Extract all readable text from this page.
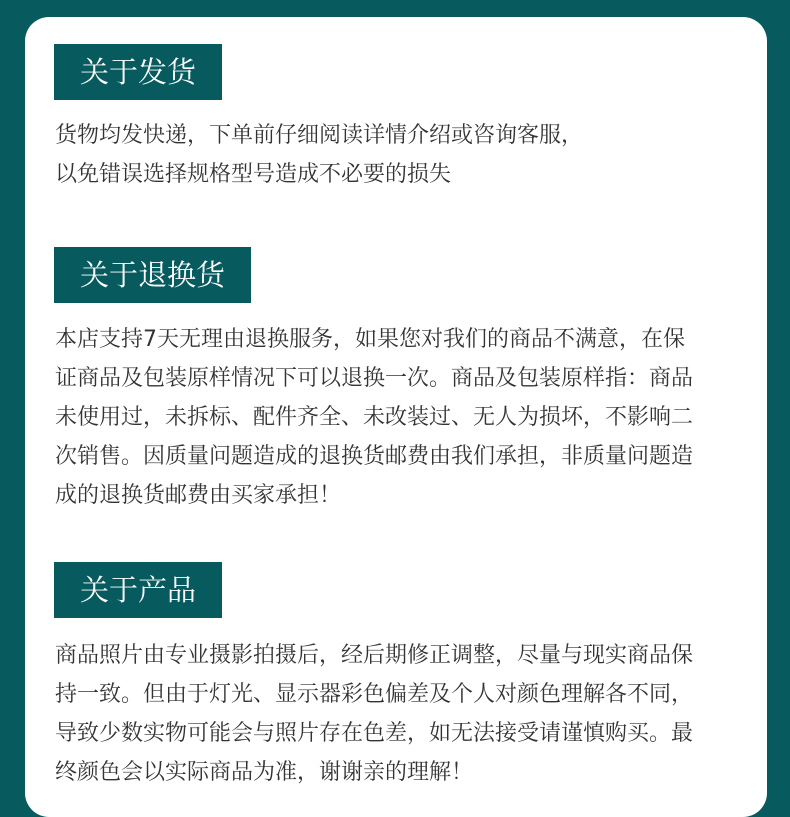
关于发货

货物均发快递，下单前仔细阅读详情介绍或咨询客服，

以免错误选择规格型号造成不必要的损失

关于退换货

本店支持7天无理由退换服务，如果您对我们的商品不满意，在保

证商品及包装原样情况下可以退换一次。商品及包装原样指：商品

未使用过，未拆标、配件齐全、未改装过、无人为损坏，不影响二

次销售。因质量问题造成的退换货邮费由我们承担，非质量问题造

成的退换货邮费由买家承担！

关于产品

商品照片由专业摄影拍摄后，经后期修正调整，尽量与现实商品保

持一致。但由于灯光、显示器彩色偏差及个人对颜色理解各不同，

导致少数实物可能会与照片存在色差，如无法接受请谨慎购买。最

终颜色会以实际商品为准，谢谢亲的理解！
